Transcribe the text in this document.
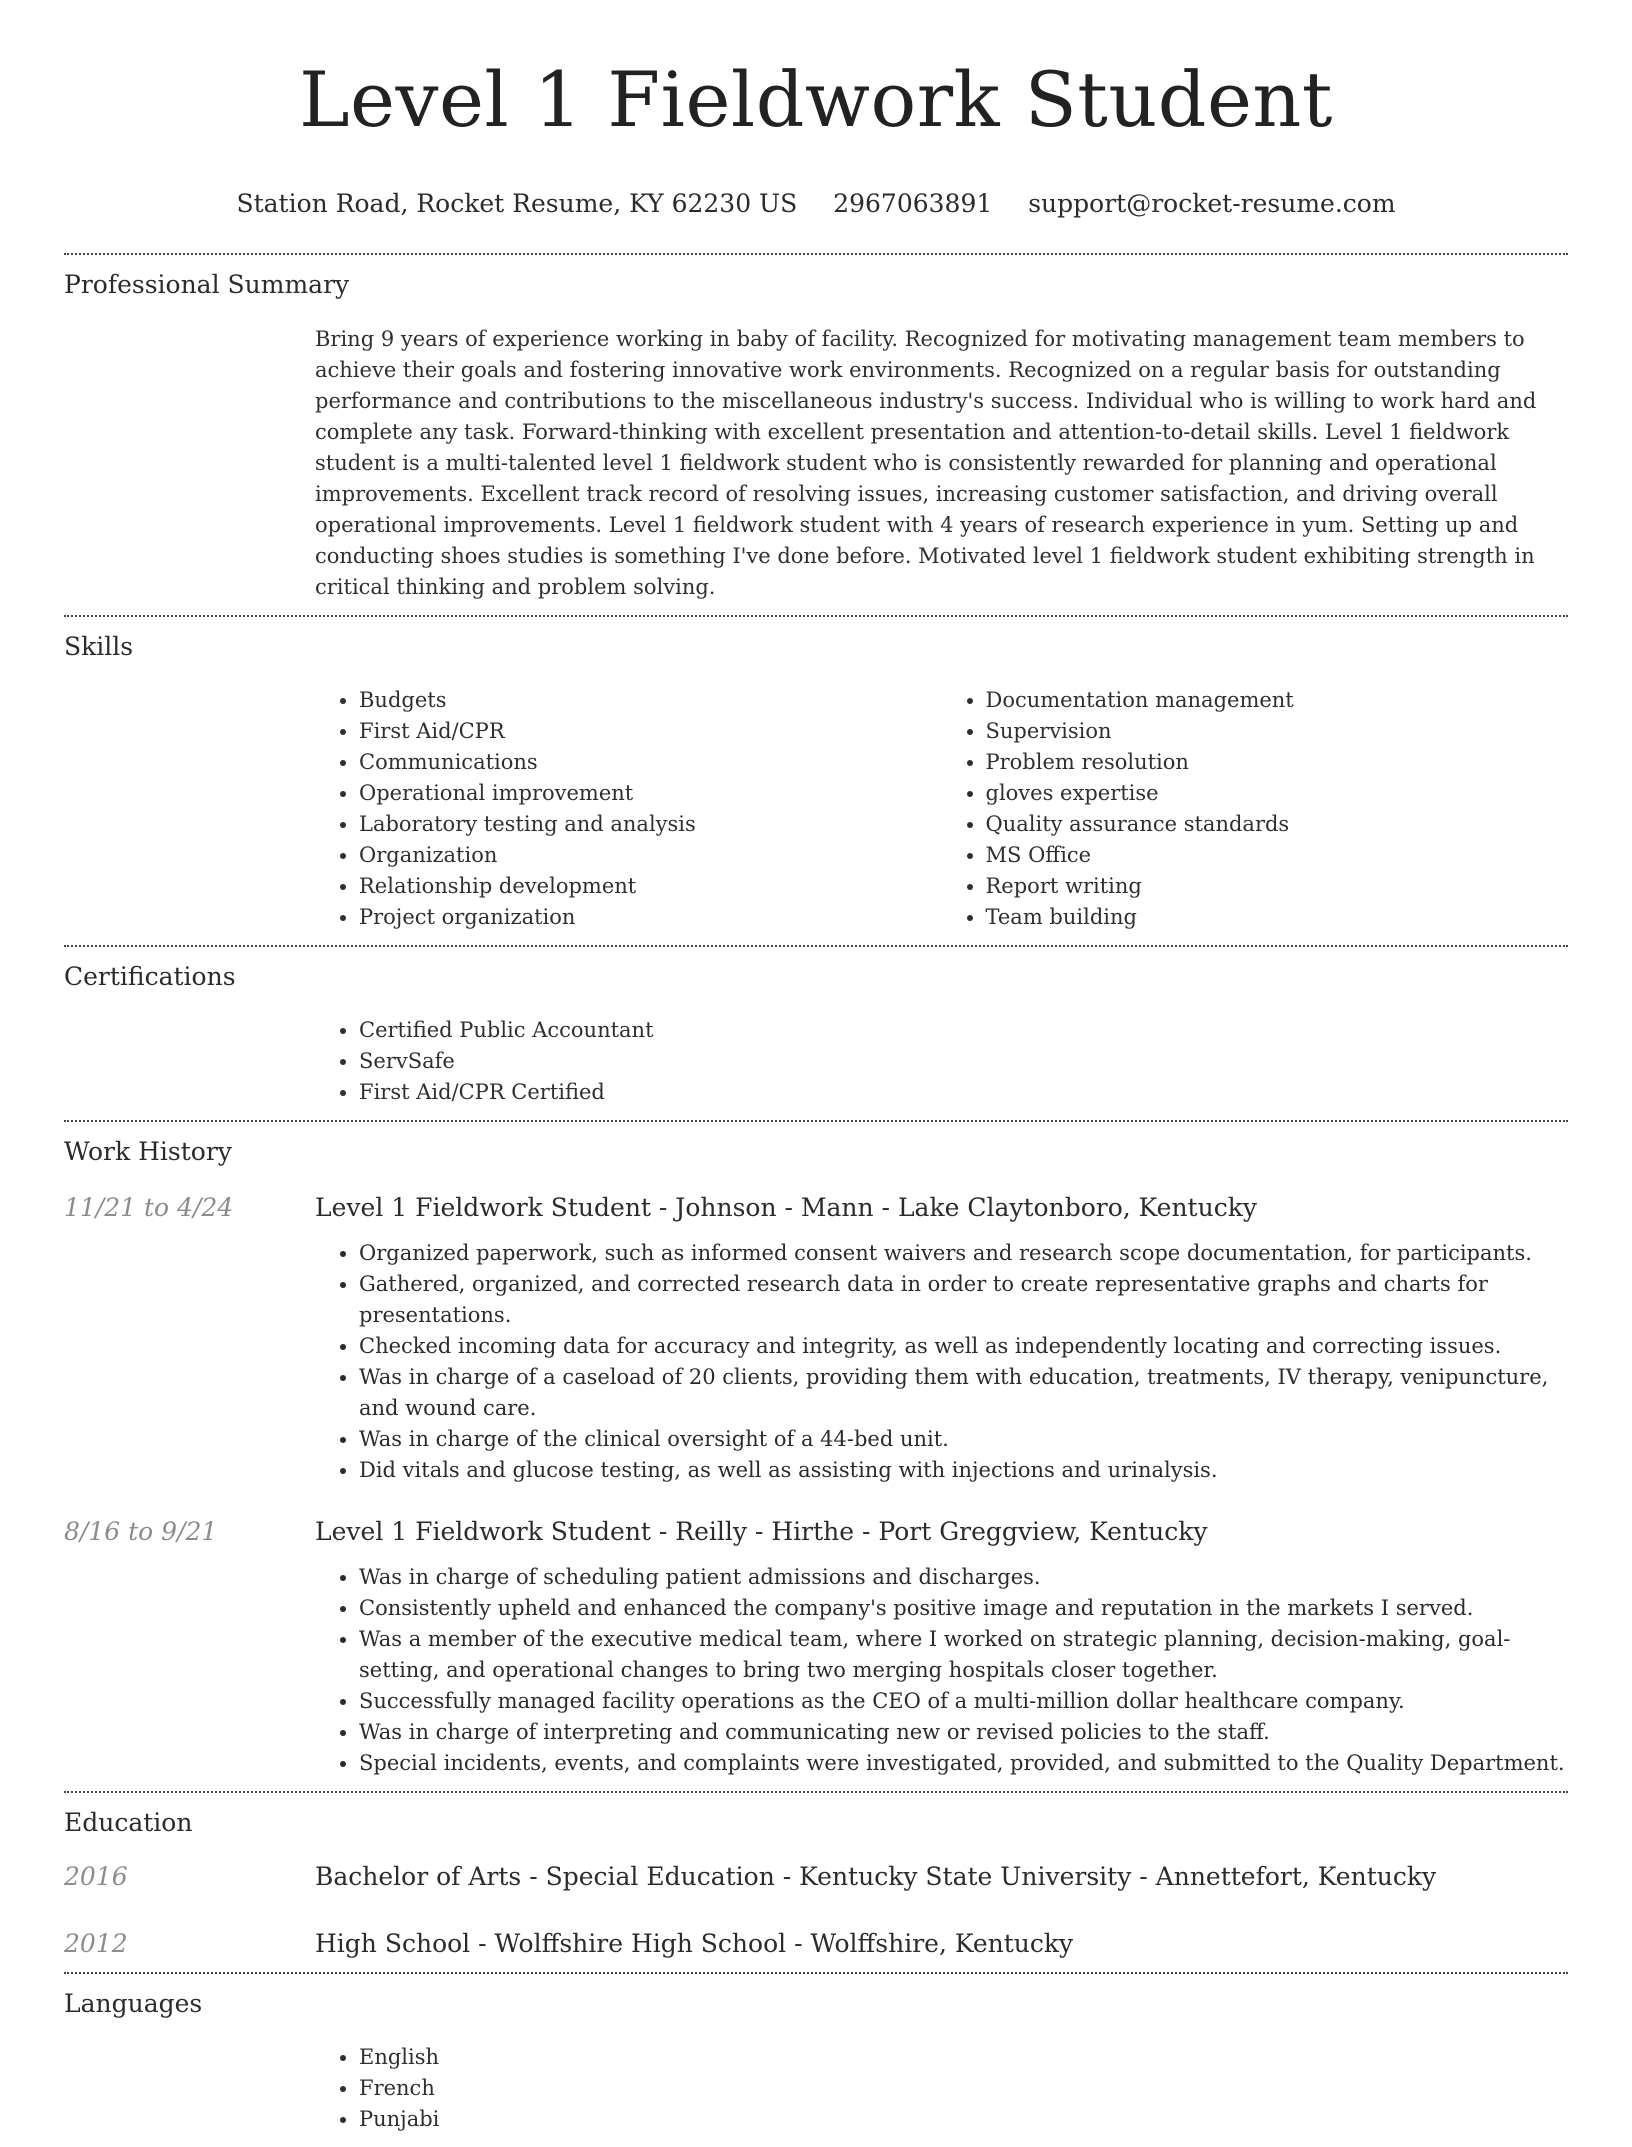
Level 1 Fieldwork Student
Station Road, Rocket Resume, KY 62230 US 2967063891 support@rocket-resume.com
Professional Summary

Bring 9 years of experience working in baby of facility. Recognized for motivating management team members to achieve their goals and fostering innovative work environments. Recognized on a regular basis for outstanding performance and contributions to the miscellaneous industry's success. Individual who is willing to work hard and complete any task. Forward-thinking with excellent presentation and attention-to-detail skills. Level 1 fieldwork student is a multi-talented level 1 fieldwork student who is consistently rewarded for planning and operational improvements. Excellent track record of resolving issues, increasing customer satisfaction, and driving overall operational improvements. Level 1 fieldwork student with 4 years of research experience in yum. Setting up and conducting shoes studies is something I've done before. Motivated level 1 fieldwork student exhibiting strength in critical thinking and problem solving.

Skills
• Budgets
• First Aid/CPR
• Communications
• Operational improvement
• Laboratory testing and analysis
• Organization
• Relationship development
• Project organization
• Documentation management
• Supervision
• Problem resolution
• gloves expertise
• Quality assurance standards
• MS Office
• Report writing
• Team building
Certifications
• Certified Public Accountant
• ServSafe
• First Aid/CPR Certified
Work History
11/21 to 4/24	Level 1 Fieldwork Student - Johnson - Mann - Lake Claytonboro, Kentucky
• Organized paperwork, such as informed consent waivers and research scope documentation, for participants.
• Gathered, organized, and corrected research data in order to create representative graphs and charts for presentations.
• Checked incoming data for accuracy and integrity, as well as independently locating and correcting issues.
• Was in charge of a caseload of 20 clients, providing them with education, treatments, IV therapy, venipuncture, and wound care.
• Was in charge of the clinical oversight of a 44-bed unit.
• Did vitals and glucose testing, as well as assisting with injections and urinalysis.
8/16 to 9/21	Level 1 Fieldwork Student - Reilly - Hirthe - Port Greggview, Kentucky
• Was in charge of scheduling patient admissions and discharges.
• Consistently upheld and enhanced the company's positive image and reputation in the markets I served.
• Was a member of the executive medical team, where I worked on strategic planning, decision-making, goal-setting, and operational changes to bring two merging hospitals closer together.
• Successfully managed facility operations as the CEO of a multi-million dollar healthcare company.
• Was in charge of interpreting and communicating new or revised policies to the staff.
• Special incidents, events, and complaints were investigated, provided, and submitted to the Quality Department.
Education
2016	Bachelor of Arts - Special Education - Kentucky State University - Annettefort, Kentucky
2012	High School - Wolffshire High School - Wolffshire, Kentucky
Languages
• English
• French
• Punjabi
